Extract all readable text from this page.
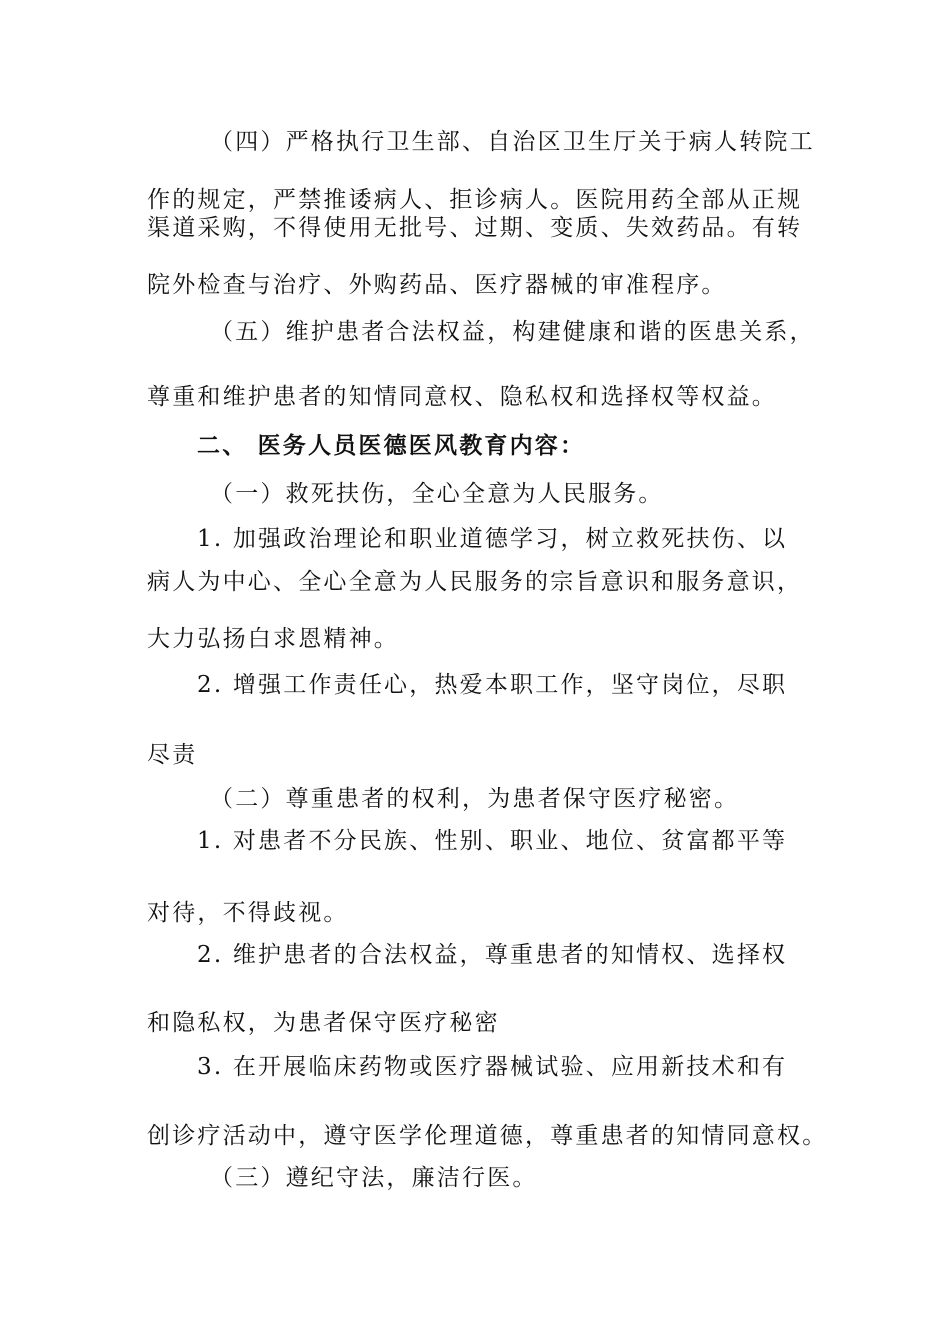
（四）严格执行卫生部、自治区卫生厅关于病人转院工
作的规定，严禁推诿病人、拒诊病人。医院用药全部从正规
渠道采购，不得使用无批号、过期、变质、失效药品。有转
院外检查与治疗、外购药品、医疗器械的审准程序。
（五）维护患者合法权益，构建健康和谐的医患关系，
尊重和维护患者的知情同意权、隐私权和选择权等权益。
二、 医务人员医德医风教育内容：
（一）救死扶伤，全心全意为人民服务。
1. 加强政治理论和职业道德学习，树立救死扶伤、以
病人为中心、全心全意为人民服务的宗旨意识和服务意识，
大力弘扬白求恩精神。
2. 增强工作责任心，热爱本职工作，坚守岗位，尽职
尽责
（二）尊重患者的权利，为患者保守医疗秘密。
1. 对患者不分民族、性别、职业、地位、贫富都平等
对待，不得歧视。
2. 维护患者的合法权益，尊重患者的知情权、选择权
和隐私权，为患者保守医疗秘密
3. 在开展临床药物或医疗器械试验、应用新技术和有
创诊疗活动中，遵守医学伦理道德，尊重患者的知情同意权。
（三）遵纪守法，廉洁行医。
